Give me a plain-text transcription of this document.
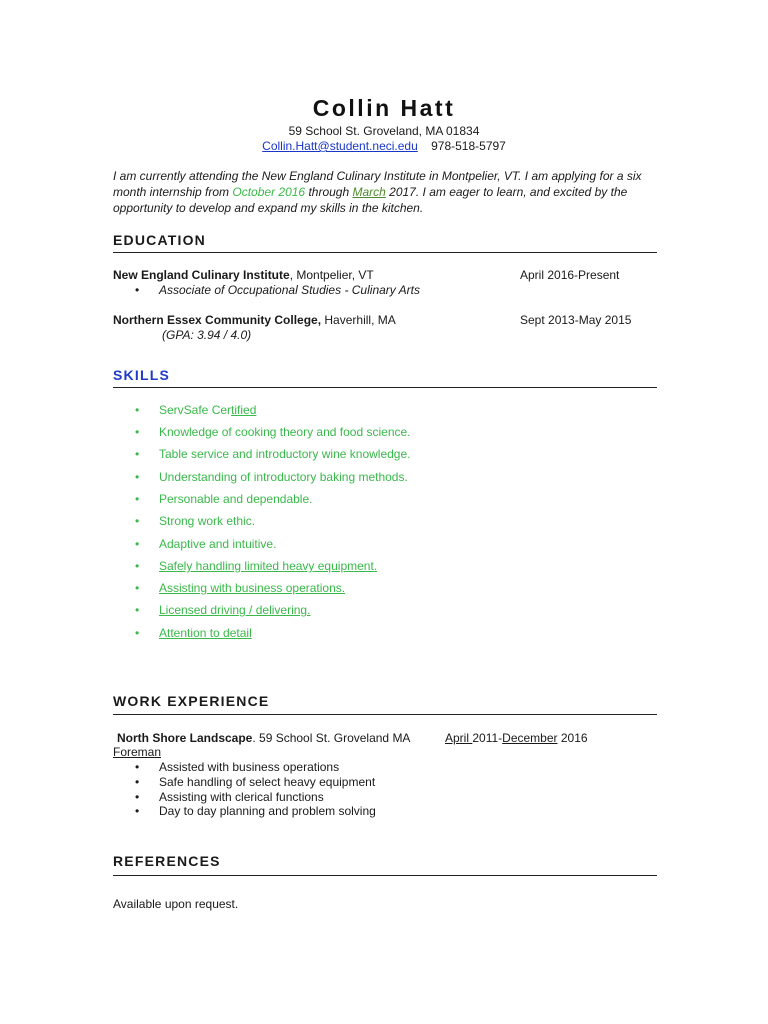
Collin Hatt
59 School St. Groveland, MA 01834
Collin.Hatt@student.neci.edu 978-518-5797
I am currently attending the New England Culinary Institute in Montpelier, VT. I am applying for a six month internship from October 2016 through March 2017. I am eager to learn, and excited by the opportunity to develop and expand my skills in the kitchen.
EDUCATION
New England Culinary Institute, Montpelier, VT	April 2016-Present
• Associate of Occupational Studies - Culinary Arts
Northern Essex Community College, Haverhill, MA	Sept 2013-May 2015
(GPA: 3.94 / 4.0)
SKILLS
• ServSafe Certified
• Knowledge of cooking theory and food science.
• Table service and introductory wine knowledge.
• Understanding of introductory baking methods.
• Personable and dependable.
• Strong work ethic.
• Adaptive and intuitive.
• Safely handling limited heavy equipment.
• Assisting with business operations.
• Licensed driving / delivering.
• Attention to detail
WORK EXPERIENCE
North Shore Landscape. 59 School St. Groveland MA	April 2011-December 2016
Foreman
• Assisted with business operations
• Safe handling of select heavy equipment
• Assisting with clerical functions
• Day to day planning and problem solving
REFERENCES
Available upon request.
